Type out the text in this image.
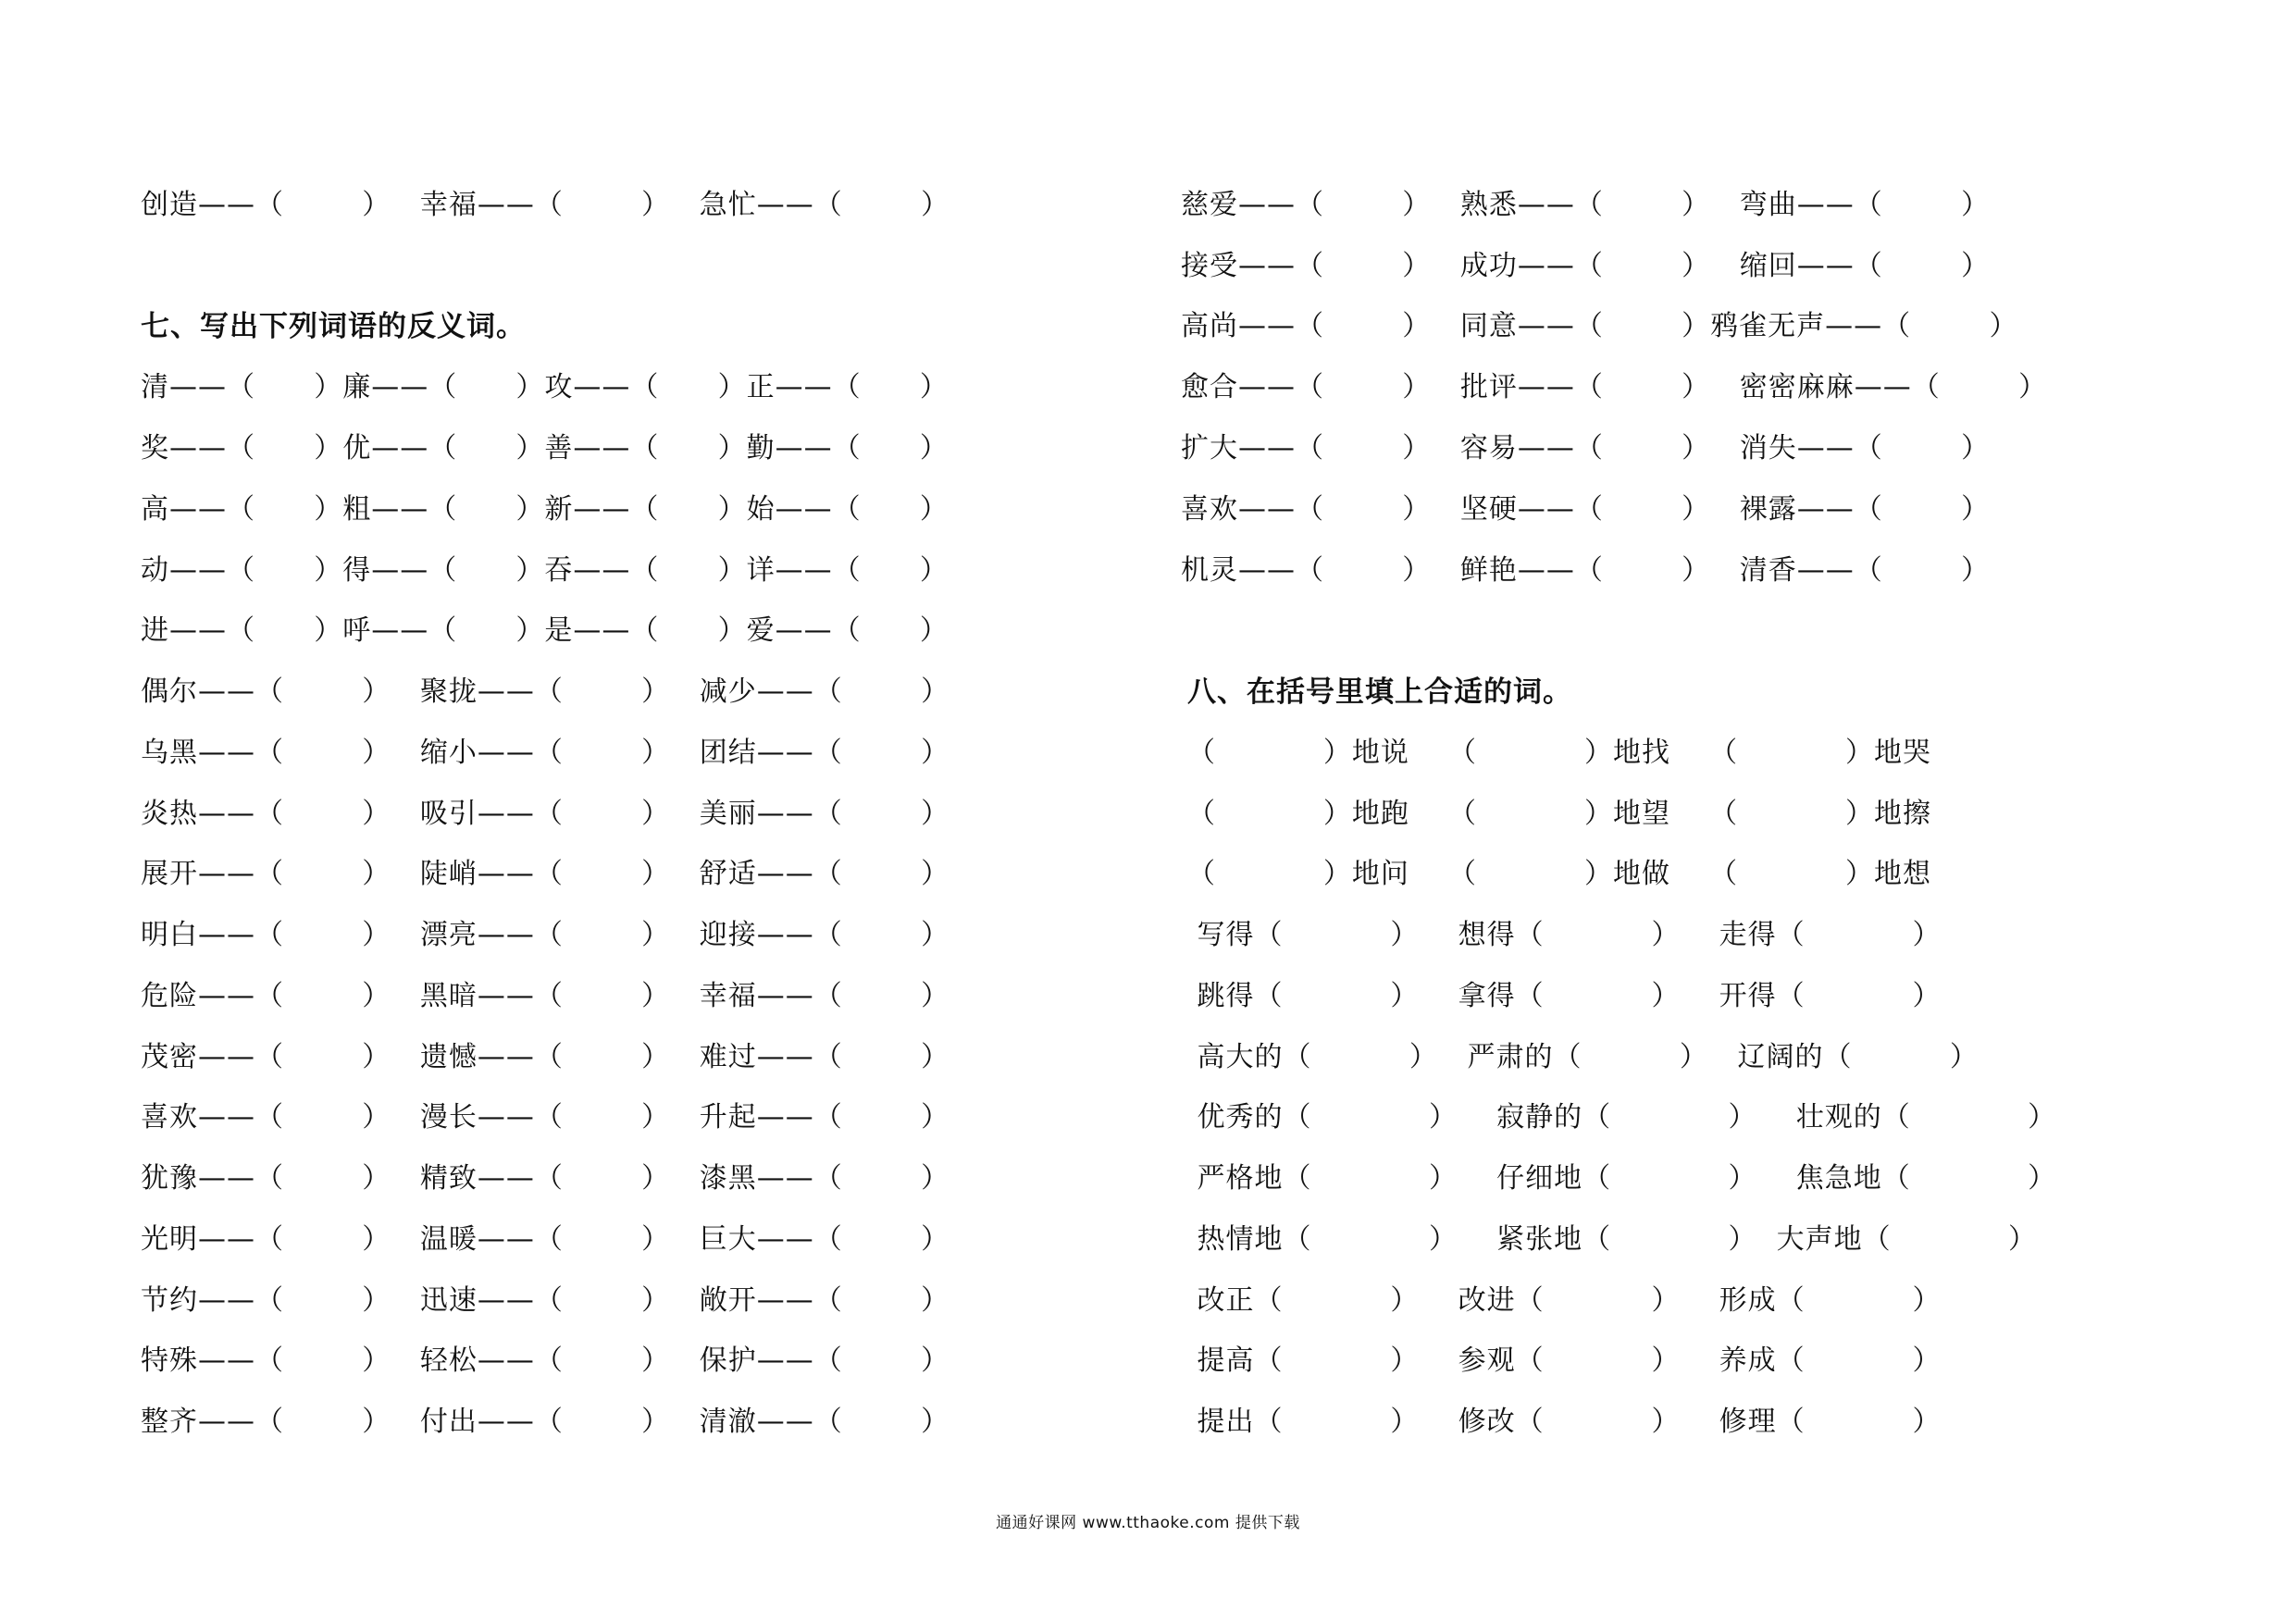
创造——（        ）   幸福——（        ）   急忙——（        ）
七、写出下列词语的反义词。
清——（      ）廉——（      ）攻——（      ）正——（      ）
奖——（      ）优——（      ）善——（      ）勤——（      ）
高——（      ）粗——（      ）新——（      ）始——（      ）
动——（      ）得——（      ）吞——（      ）详——（      ）
进——（      ）呼——（      ）是——（      ）爱——（      ）
偶尔——（        ）   聚拢——（        ）   减少——（        ）
乌黑——（        ）   缩小——（        ）   团结——（        ）
炎热——（        ）   吸引——（        ）   美丽——（        ）
展开——（        ）   陡峭——（        ）   舒适——（        ）
明白——（        ）   漂亮——（        ）   迎接——（        ）
危险——（        ）   黑暗——（        ）   幸福——（        ）
茂密——（        ）   遗憾——（        ）   难过——（        ）
喜欢——（        ）   漫长——（        ）   升起——（        ）
犹豫——（        ）   精致——（        ）   漆黑——（        ）
光明——（        ）   温暖——（        ）   巨大——（        ）
节约——（        ）   迅速——（        ）   敞开——（        ）
特殊——（        ）   轻松——（        ）   保护——（        ）
整齐——（        ）   付出——（        ）   清澈——（        ）
慈爱——（        ）   熟悉——（        ）   弯曲——（        ）
接受——（        ）   成功——（        ）   缩回——（        ）
高尚——（        ）   同意——（        ）鸦雀无声——（        ）
愈合——（        ）   批评——（        ）   密密麻麻——（        ）
扩大——（        ）   容易——（        ）   消失——（        ）
喜欢——（        ）   坚硬——（        ）   裸露——（        ）
机灵——（        ）   鲜艳——（        ）   清香——（        ）
八、在括号里填上合适的词。
（           ）地说    （           ）地找    （           ）地哭
（           ）地跑    （           ）地望    （           ）地擦
（           ）地问    （           ）地做    （           ）地想
写得（           ）    想得（           ）    走得（           ）
跳得（           ）    拿得（           ）    开得（           ）
高大的（          ）   严肃的（          ）   辽阔的（          ）
优秀的（            ）    寂静的（            ）    壮观的（            ）
严格地（            ）    仔细地（            ）    焦急地（            ）
热情地（            ）    紧张地（            ）  大声地（            ）
改正（           ）    改进（           ）    形成（           ）
提高（           ）    参观（           ）    养成（           ）
提出（           ）    修改（           ）    修理（           ）
通通好课网 www.tthaoke.com 提供下载
